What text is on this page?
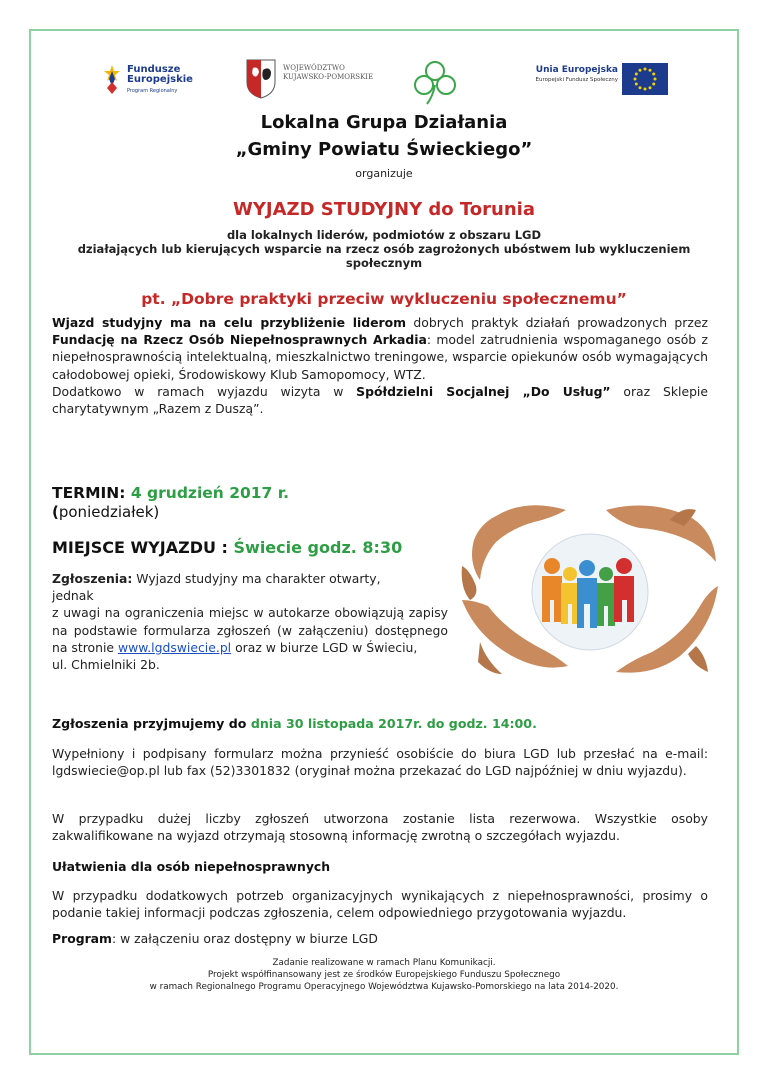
Fundusze
Europejskie
Program Regionalny
WOJEWÓDZTWO
KUJAWSKO-POMORSKIE
Unia Europejska
Europejski Fundusz Społeczny
Lokalna Grupa Działania
„Gminy Powiatu Świeckiego”
organizuje
WYJAZD STUDYJNY do Torunia
dla lokalnych liderów, podmiotów z obszaru LGD
działających lub kierujących wsparcie na rzecz osób zagrożonych ubóstwem lub wykluczeniem
społecznym
pt. „Dobre praktyki przeciw wykluczeniu społecznemu”

Wjazd studyjny ma na celu przybliżenie liderom dobrych praktyk działań prowadzonych przez Fundację na Rzecz Osób Niepełnosprawnych Arkadia: model zatrudnienia wspomaganego osób z niepełnosprawnością intelektualną, mieszkalnictwo treningowe, wsparcie opiekunów osób wymagających całodobowej opieki, Środowiskowy Klub Samopomocy, WTZ.

Dodatkowo w ramach wyjazdu wizyta w Spółdzielni Socjalnej „Do Usług” oraz Sklepie charytatywnym „Razem z Duszą”.

TERMIN: 4 grudzień 2017 r.
(poniedziałek)
MIEJSCE WYJAZDU : Świecie godz. 8:30

Zgłoszenia: Wyjazd studyjny ma charakter otwarty,

jednak

z uwagi na ograniczenia miejsc w autokarze obowiązują zapisy na podstawie formularza zgłoszeń (w załączeniu) dostępnego na stronie www.lgdswiecie.pl oraz w biurze LGD w Świeciu,

ul. Chmielniki 2b.

Zgłoszenia przyjmujemy do dnia 30 listopada 2017r. do godz. 14:00.

Wypełniony i podpisany formularz można przynieść osobiście do biura LGD lub przesłać na e-mail: lgdswiecie@op.pl lub fax (52)3301832 (oryginał można przekazać do LGD najpóźniej w dniu wyjazdu).

W przypadku dużej liczby zgłoszeń utworzona zostanie lista rezerwowa. Wszystkie osoby zakwalifikowane na wyjazd otrzymają stosowną informację zwrotną o szczegółach wyjazdu.

Ułatwienia dla osób niepełnosprawnych

W przypadku dodatkowych potrzeb organizacyjnych wynikających z niepełnosprawności, prosimy o podanie takiej informacji podczas zgłoszenia, celem odpowiedniego przygotowania wyjazdu.

Program: w załączeniu oraz dostępny w biurze LGD

Zadanie realizowane w ramach Planu Komunikacji.
Projekt współfinansowany jest ze środków Europejskiego Funduszu Społecznego
w ramach Regionalnego Programu Operacyjnego Województwa Kujawsko-Pomorskiego na lata 2014-2020.
